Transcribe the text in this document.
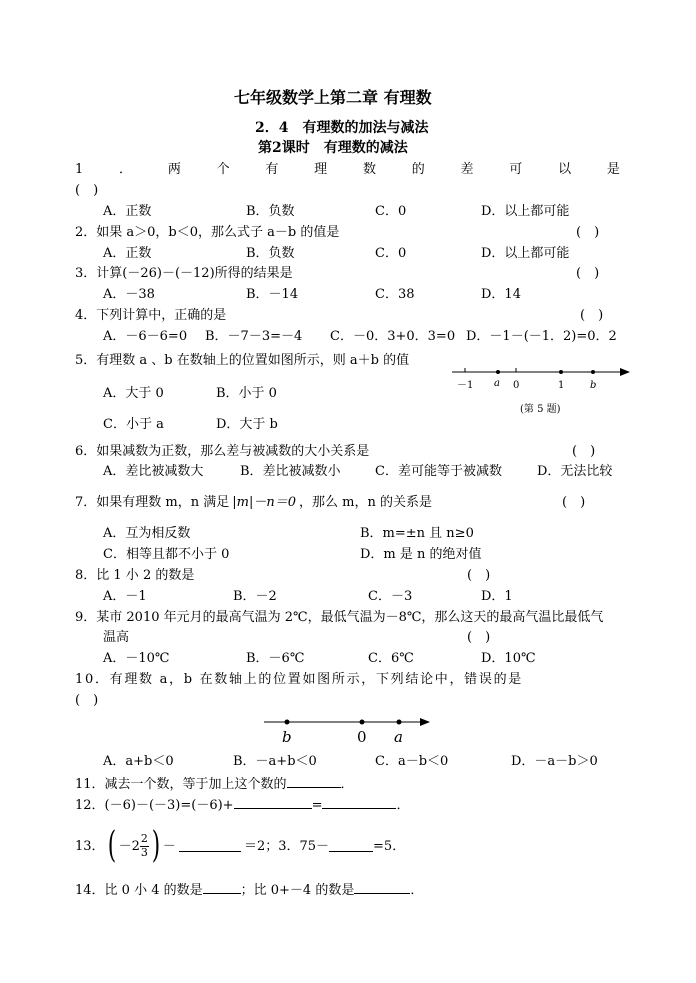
七年级数学上第二章 有理数
2．4　有理数的加法与减法
第2课时　有理数的减法
1	．	两	个	有	理	数	的	差	可	以	是
(　)
A．正数	B．负数	C．0	D．以上都可能
2．如果 a＞0，b＜0，那么式子 a－b 的值是	(　)
A．正数	B．负数	C．0	D．以上都可能
3．计算(－26)－(－12)所得的结果是	(　)
A．－38	B．－14	C．38	D．14
4．下列计算中，正确的是	(　)
A．－6－6=0 B．－7－3=－4 C．－0．3+0．3=0 D．－1－(－1．2)=0．2
5．有理数 a 、b 在数轴上的位置如图所示，则 a＋b 的值
A．大于 0	B．小于 0
C．小于 a	D．大于 b
－1 a 0	1	b
(第 5 题)
6．如果减数为正数，那么差与被减数的大小关系是	(　)
A．差比被减数大	B．差比被减数小	C．差可能等于被减数	D．无法比较
7．如果有理数 m，n 满足 |m|－n＝0 ，那么 m，n 的关系是	(　)
A．互为相反数	B．m=±n 且 n≥0
C．相等且都不小于 0	D．m 是 n 的绝对值
8．比 1 小 2 的数是	(　)
A．－1	B．－2	C．－3	D．1
9．某市 2010 年元月的最高气温为 2℃，最低气温为－8℃，那么这天的最高气温比最低气
温高	(　)
A．－10℃	B．－6℃	C．6℃	D．10℃
10．有理数 a，b 在数轴上的位置如图所示，下列结论中，错误的是
(　)
b	0 a
A．a+b＜0	B．－a+b＜0	C．a－b＜0	D．－a－b＞0
11．减去一个数，等于加上这个数的	．
12．(－6)－(－3)=(－6)+	=	．
13． ( $-2 \frac{2}{3}$ ) －	＝2；3．75－	=5．
14．比 0 小 4 的数是	；比 0+－4 的数是	．
